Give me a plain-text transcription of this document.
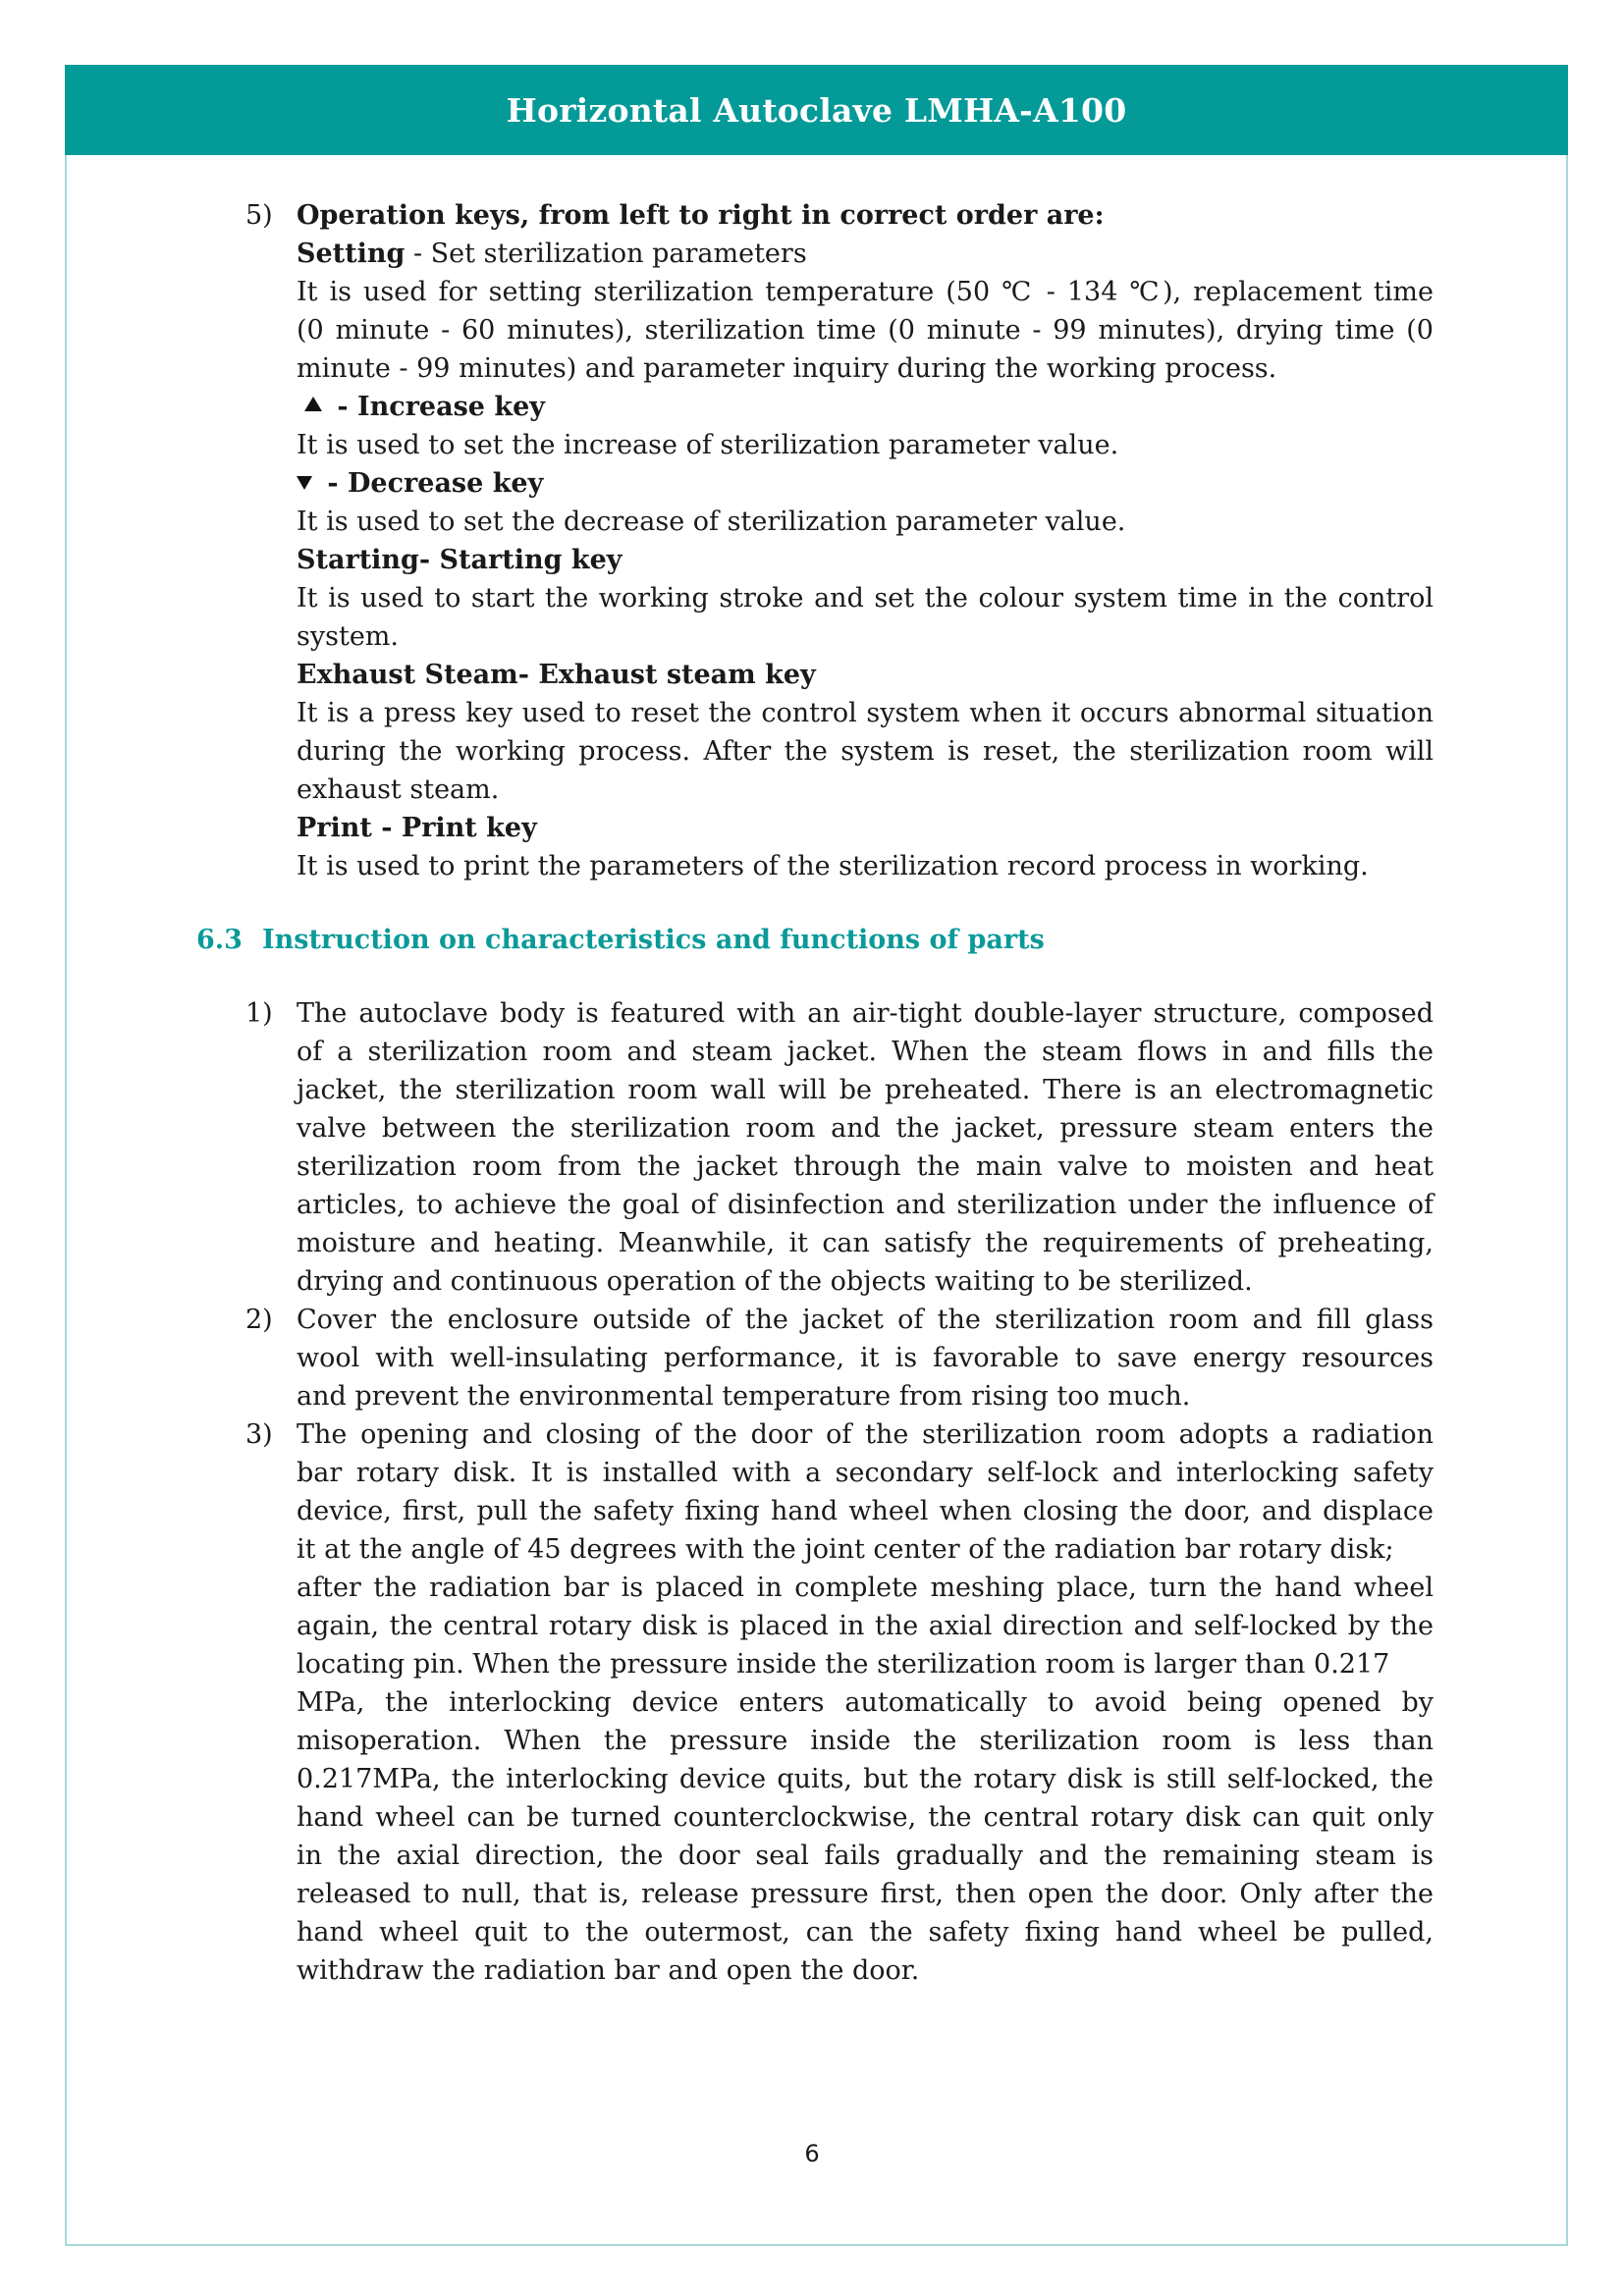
Horizontal Autoclave LMHA-A100
5) Operation keys, from left to right in correct order are:
Setting - Set sterilization parameters
It is used for setting sterilization temperature (50 ℃ - 134 ℃), replacement time
(0 minute - 60 minutes), sterilization time (0 minute - 99 minutes), drying time (0
minute - 99 minutes) and parameter inquiry during the working process.
- Increase key
It is used to set the increase of sterilization parameter value.
- Decrease key
It is used to set the decrease of sterilization parameter value.
Starting- Starting key
It is used to start the working stroke and set the colour system time in the control
system.
Exhaust Steam- Exhaust steam key
It is a press key used to reset the control system when it occurs abnormal situation
during the working process. After the system is reset, the sterilization room will
exhaust steam.
Print - Print key
It is used to print the parameters of the sterilization record process in working.
6.3 Instruction on characteristics and functions of parts
1) The autoclave body is featured with an air-tight double-layer structure, composed
of a sterilization room and steam jacket. When the steam flows in and fills the
jacket, the sterilization room wall will be preheated. There is an electromagnetic
valve between the sterilization room and the jacket, pressure steam enters the
sterilization room from the jacket through the main valve to moisten and heat
articles, to achieve the goal of disinfection and sterilization under the influence of
moisture and heating. Meanwhile, it can satisfy the requirements of preheating,
drying and continuous operation of the objects waiting to be sterilized.
2) Cover the enclosure outside of the jacket of the sterilization room and fill glass
wool with well-insulating performance, it is favorable to save energy resources
and prevent the environmental temperature from rising too much.
3) The opening and closing of the door of the sterilization room adopts a radiation
bar rotary disk. It is installed with a secondary self-lock and interlocking safety
device, first, pull the safety fixing hand wheel when closing the door, and displace
it at the angle of 45 degrees with the joint center of the radiation bar rotary disk;
after the radiation bar is placed in complete meshing place, turn the hand wheel
again, the central rotary disk is placed in the axial direction and self-locked by the
locating pin. When the pressure inside the sterilization room is larger than 0.217
MPa, the interlocking device enters automatically to avoid being opened by
misoperation. When the pressure inside the sterilization room is less than
0.217MPa, the interlocking device quits, but the rotary disk is still self-locked, the
hand wheel can be turned counterclockwise, the central rotary disk can quit only
in the axial direction, the door seal fails gradually and the remaining steam is
released to null, that is, release pressure first, then open the door. Only after the
hand wheel quit to the outermost, can the safety fixing hand wheel be pulled,
withdraw the radiation bar and open the door.
6
